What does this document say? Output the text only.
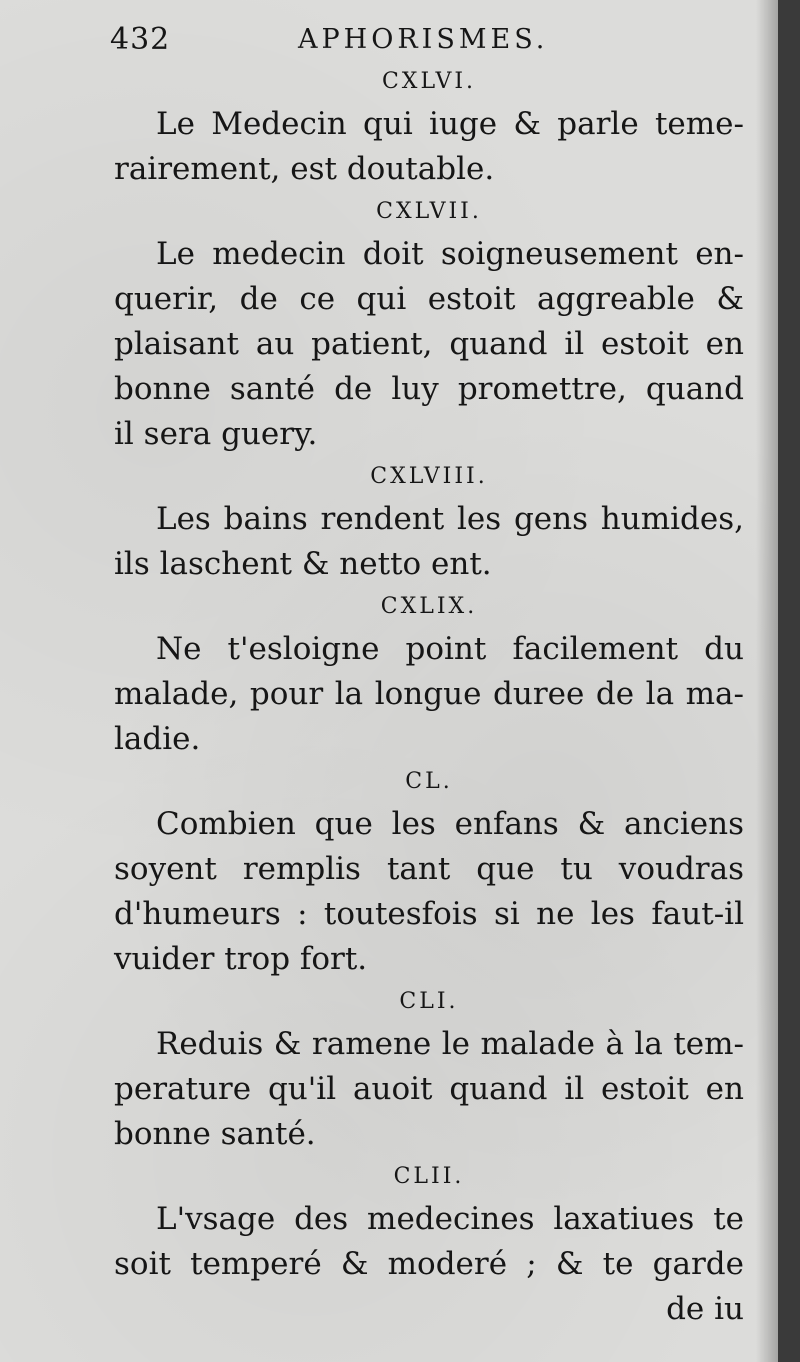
432	APHORISMES.
CXLVI.
Le Medecin qui iuge & parle teme-
rairement, est doutable.
CXLVII.
Le medecin doit soigneusement en-
querir, de ce qui estoit aggreable &
plaisant au patient, quand il estoit en
bonne santé de luy promettre, quand
il sera guery.
CXLVIII.
Les bains rendent les gens humides,
ils laschent & netto ent.
CXLIX.
Ne t'esloigne point facilement du
malade, pour la longue duree de la ma-
ladie.
CL.
Combien que les enfans & anciens
soyent remplis tant que tu voudras
d'humeurs : toutesfois si ne les faut-il
vuider trop fort.
CLI.
Reduis & ramene le malade à la tem-
perature qu'il auoit quand il estoit en
bonne santé.
CLII.
L'vsage des medecines laxatiues te
soit temperé & moderé ; & te garde
de iu
